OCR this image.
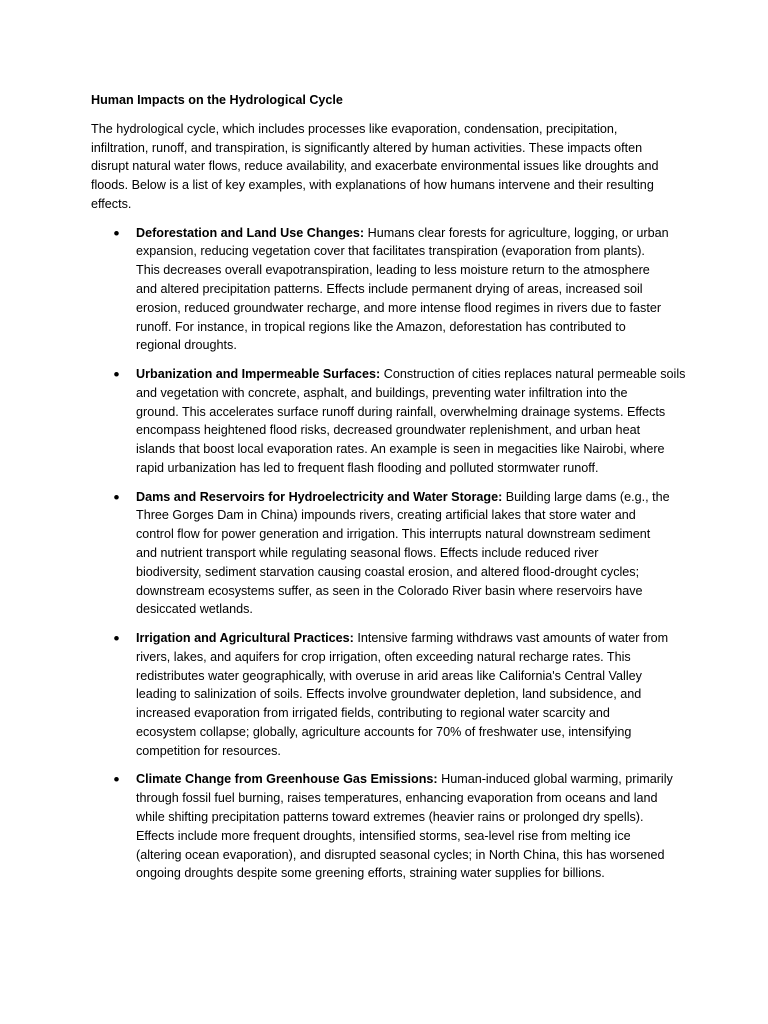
Human Impacts on the Hydrological Cycle
The hydrological cycle, which includes processes like evaporation, condensation, precipitation,
infiltration, runoff, and transpiration, is significantly altered by human activities. These impacts often
disrupt natural water flows, reduce availability, and exacerbate environmental issues like droughts and
floods. Below is a list of key examples, with explanations of how humans intervene and their resulting
effects.
• Deforestation and Land Use Changes: Humans clear forests for agriculture, logging, or urban
expansion, reducing vegetation cover that facilitates transpiration (evaporation from plants).
This decreases overall evapotranspiration, leading to less moisture return to the atmosphere
and altered precipitation patterns. Effects include permanent drying of areas, increased soil
erosion, reduced groundwater recharge, and more intense flood regimes in rivers due to faster
runoff. For instance, in tropical regions like the Amazon, deforestation has contributed to
regional droughts.
• Urbanization and Impermeable Surfaces: Construction of cities replaces natural permeable soils
and vegetation with concrete, asphalt, and buildings, preventing water infiltration into the
ground. This accelerates surface runoff during rainfall, overwhelming drainage systems. Effects
encompass heightened flood risks, decreased groundwater replenishment, and urban heat
islands that boost local evaporation rates. An example is seen in megacities like Nairobi, where
rapid urbanization has led to frequent flash flooding and polluted stormwater runoff.
• Dams and Reservoirs for Hydroelectricity and Water Storage: Building large dams (e.g., the
Three Gorges Dam in China) impounds rivers, creating artificial lakes that store water and
control flow for power generation and irrigation. This interrupts natural downstream sediment
and nutrient transport while regulating seasonal flows. Effects include reduced river
biodiversity, sediment starvation causing coastal erosion, and altered flood-drought cycles;
downstream ecosystems suffer, as seen in the Colorado River basin where reservoirs have
desiccated wetlands.
• Irrigation and Agricultural Practices: Intensive farming withdraws vast amounts of water from
rivers, lakes, and aquifers for crop irrigation, often exceeding natural recharge rates. This
redistributes water geographically, with overuse in arid areas like California's Central Valley
leading to salinization of soils. Effects involve groundwater depletion, land subsidence, and
increased evaporation from irrigated fields, contributing to regional water scarcity and
ecosystem collapse; globally, agriculture accounts for 70% of freshwater use, intensifying
competition for resources.
• Climate Change from Greenhouse Gas Emissions: Human-induced global warming, primarily
through fossil fuel burning, raises temperatures, enhancing evaporation from oceans and land
while shifting precipitation patterns toward extremes (heavier rains or prolonged dry spells).
Effects include more frequent droughts, intensified storms, sea-level rise from melting ice
(altering ocean evaporation), and disrupted seasonal cycles; in North China, this has worsened
ongoing droughts despite some greening efforts, straining water supplies for billions.
